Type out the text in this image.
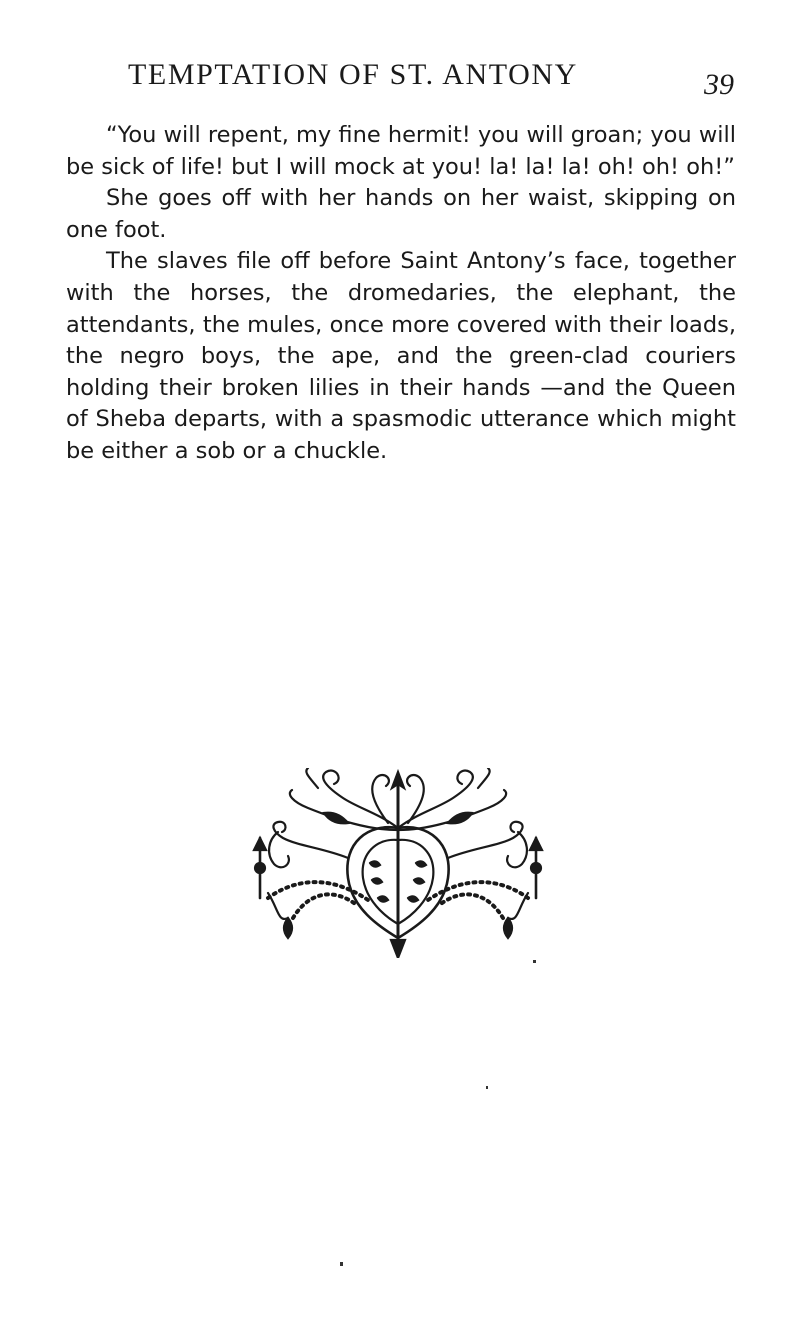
TEMPTATION OF ST. ANTONY	39

“You will repent, my fine hermit! you will groan; you will be sick of life! but I will mock at you! la! la! la! oh! oh! oh!”

She goes off with her hands on her waist, skipping on one foot.

The slaves file off before Saint Antony’s face, together with the horses, the dromedaries, the elephant, the attendants, the mules, once more covered with their loads, the negro boys, the ape, and the green-clad couriers holding their broken lilies in their hands —and the Queen of Sheba departs, with a spasmodic utterance which might be either a sob or a chuckle.
